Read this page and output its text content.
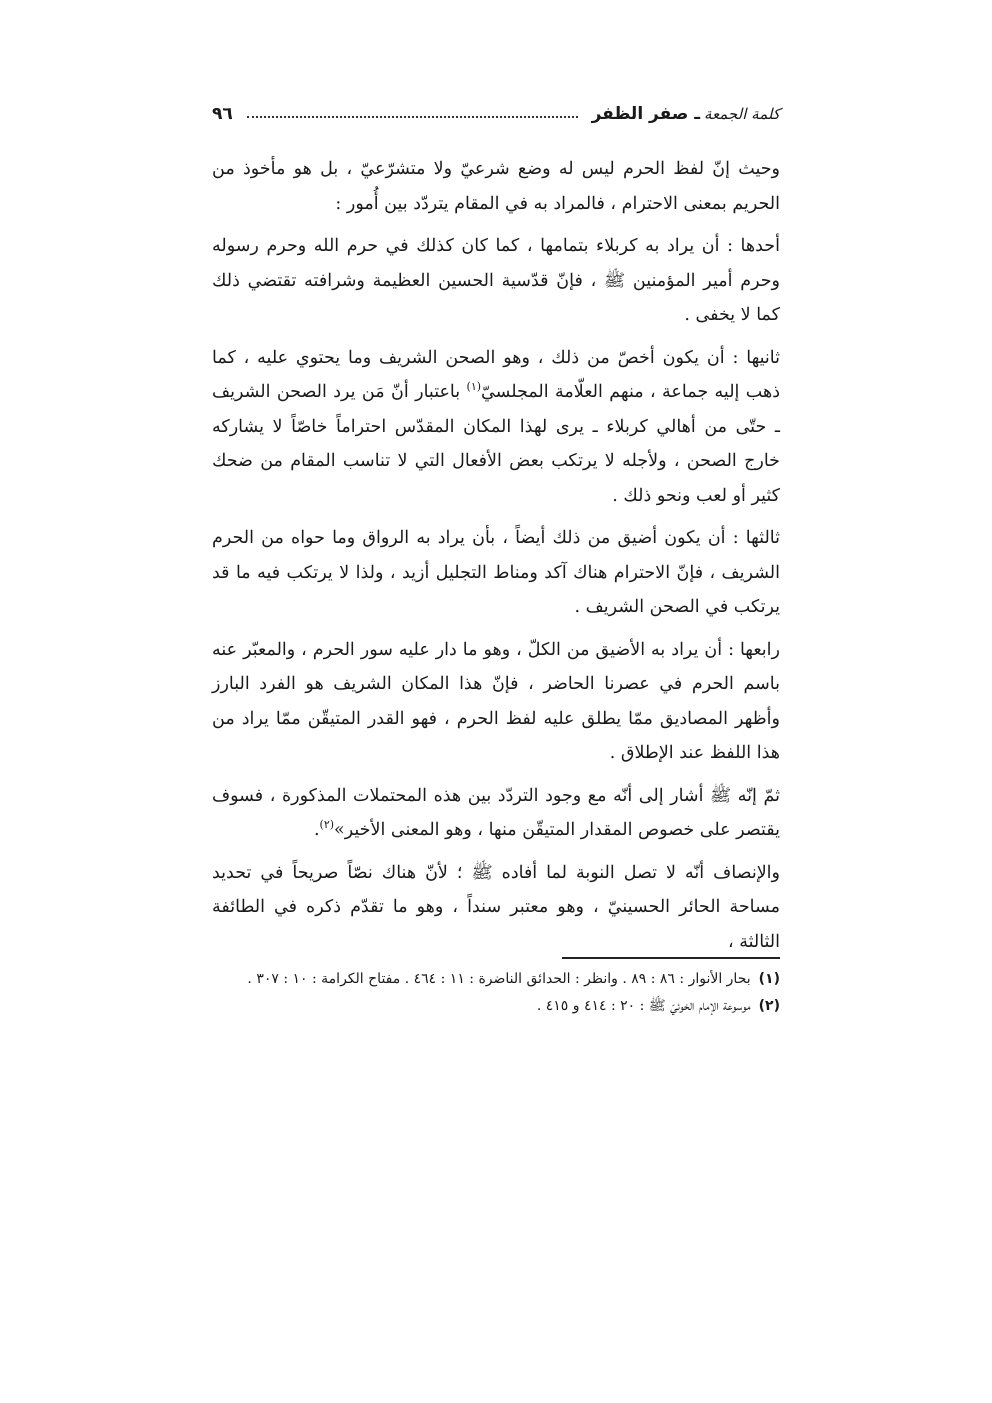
كلمة الجمعةـ صفر الظفر
٩٦

وحيث إنّ لفظ الحرم ليس له وضع شرعيّ ولا متشرّعيّ ، بل هو مأخوذ من الحريم بمعنى الاحترام ، فالمراد به في المقام يتردّد بين أُمور :

أحدها : أن يراد به كربلاء بتمامها ، كما كان كذلك في حرم الله وحرم رسوله وحرم أمير المؤمنين ﷺ ، فإنّ قدّسية الحسين العظيمة وشرافته تقتضي ذلك كما لا يخفى .

ثانيها : أن يكون أخصّ من ذلك ، وهو الصحن الشريف وما يحتوي عليه ، كما ذهب إليه جماعة ، منهم العلّامة المجلسيّ$^{(١)}$ باعتبار أنّ مَن يرد الصحن الشريف ـ حتّى من أهالي كربلاء ـ يرى لهذا المكان المقدّس احتراماً خاصّاً لا يشاركه خارج الصحن ، ولأجله لا يرتكب بعض الأفعال التي لا تناسب المقام من ضحك كثير أو لعب ونحو ذلك .

ثالثها : أن يكون أضيق من ذلك أيضاً ، بأن يراد به الرواق وما حواه من الحرم الشريف ، فإنّ الاحترام هناك آكد ومناط التجليل أزيد ، ولذا لا يرتكب فيه ما قد يرتكب في الصحن الشريف .

رابعها : أن يراد به الأضيق من الكلّ ، وهو ما دار عليه سور الحرم ، والمعبّر عنه باسم الحرم في عصرنا الحاضر ، فإنّ هذا المكان الشريف هو الفرد البارز وأظهر المصاديق ممّا يطلق عليه لفظ الحرم ، فهو القدر المتيقّن ممّا يراد من هذا اللفظ عند الإطلاق .

ثمّ إنّه ﷺ أشار إلى أنّه مع وجود التردّد بين هذه المحتملات المذكورة ، فسوف يقتصر على خصوص المقدار المتيقّن منها ، وهو المعنى الأخير»$^{(٢)}$.

والإنصاف أنّه لا تصل النوبة لما أفاده ﷺ ؛ لأنّ هناك نصّاً صريحاً في تحديد مساحة الحائر الحسينيّ ، وهو معتبر سنداً ، وهو ما تقدّم ذكره في الطائفة الثالثة ،

(١)بحار الأنوار : ٨٦ : ٨٩ . وانظر : الحدائق الناضرة : ١١ : ٤٦٤ . مفتاح الكرامة : ١٠ : ٣٠٧ .
(٢)موسوعة الإمام الخوئيّ ﷺ : ٢٠ : ٤١٤ و ٤١٥ .
